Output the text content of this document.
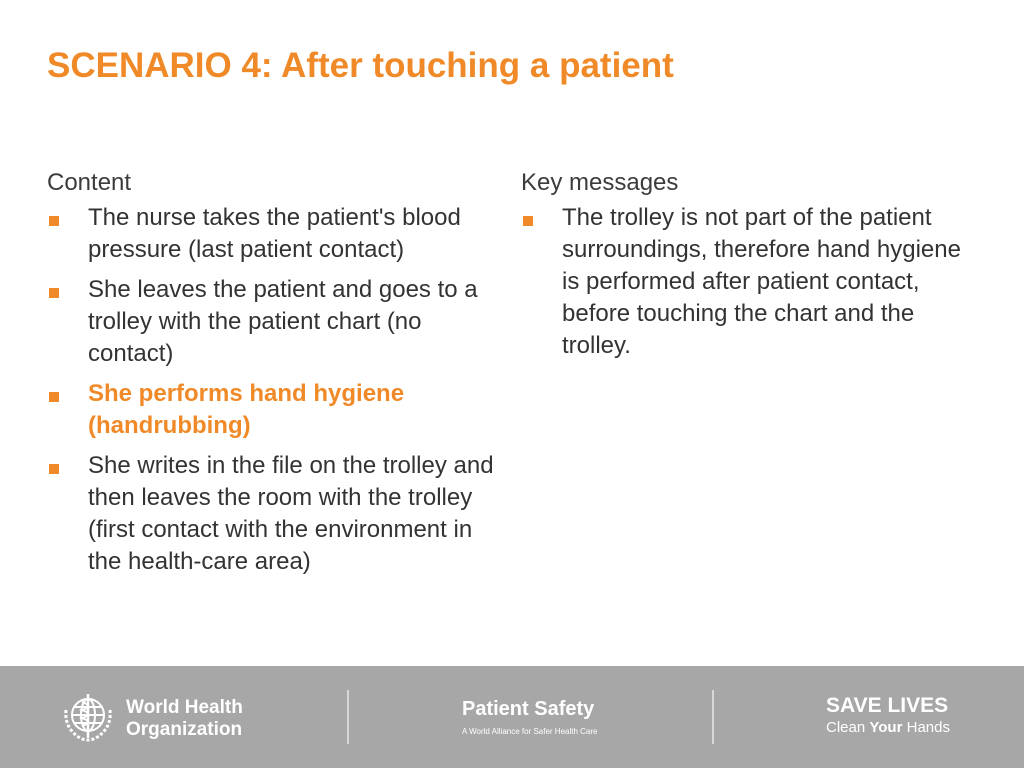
SCENARIO 4: After touching a patient
Content
The nurse takes the patient's blood pressure (last patient contact)
She leaves the patient and goes to a trolley with the patient chart (no contact)
She performs hand hygiene (handrubbing)
She writes in the file on the trolley and then leaves the room with the trolley (first contact with the environment in the health-care area)
Key messages
The trolley is not part of the patient surroundings, therefore hand hygiene is performed after patient contact, before touching the chart and the trolley.
World Health
Organization
Patient Safety
A World Alliance for Safer Health Care
SAVE LIVES
Clean Your Hands
